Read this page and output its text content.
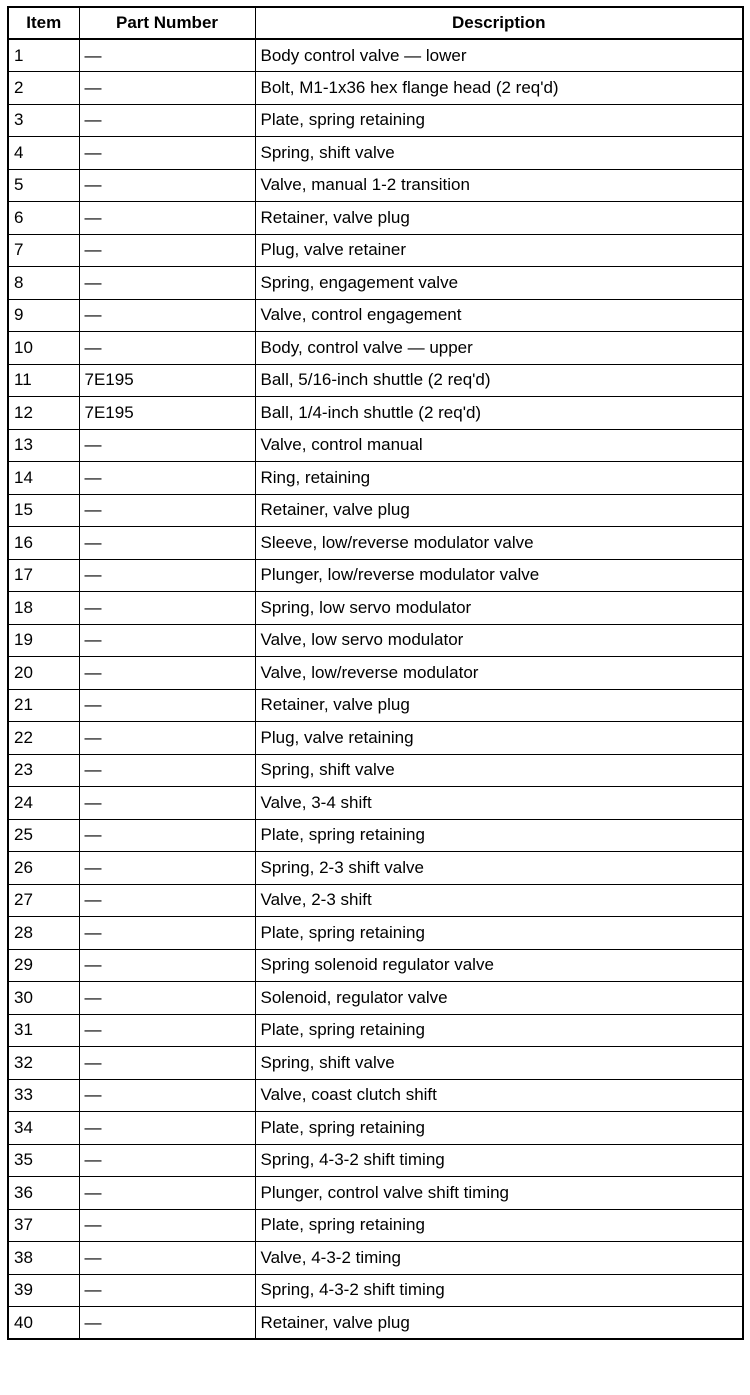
Item	Part Number	Description
1	—	Body control valve — lower
2	—	Bolt, M1-1x36 hex flange head (2 req'd)
3	—	Plate, spring retaining
4	—	Spring, shift valve
5	—	Valve, manual 1-2 transition
6	—	Retainer, valve plug
7	—	Plug, valve retainer
8	—	Spring, engagement valve
9	—	Valve, control engagement
10	—	Body, control valve — upper
11	7E195	Ball, 5/16-inch shuttle (2 req'd)
12	7E195	Ball, 1/4-inch shuttle (2 req'd)
13	—	Valve, control manual
14	—	Ring, retaining
15	—	Retainer, valve plug
16	—	Sleeve, low/reverse modulator valve
17	—	Plunger, low/reverse modulator valve
18	—	Spring, low servo modulator
19	—	Valve, low servo modulator
20	—	Valve, low/reverse modulator
21	—	Retainer, valve plug
22	—	Plug, valve retaining
23	—	Spring, shift valve
24	—	Valve, 3-4 shift
25	—	Plate, spring retaining
26	—	Spring, 2-3 shift valve
27	—	Valve, 2-3 shift
28	—	Plate, spring retaining
29	—	Spring solenoid regulator valve
30	—	Solenoid, regulator valve
31	—	Plate, spring retaining
32	—	Spring, shift valve
33	—	Valve, coast clutch shift
34	—	Plate, spring retaining
35	—	Spring, 4-3-2 shift timing
36	—	Plunger, control valve shift timing
37	—	Plate, spring retaining
38	—	Valve, 4-3-2 timing
39	—	Spring, 4-3-2 shift timing
40	—	Retainer, valve plug
